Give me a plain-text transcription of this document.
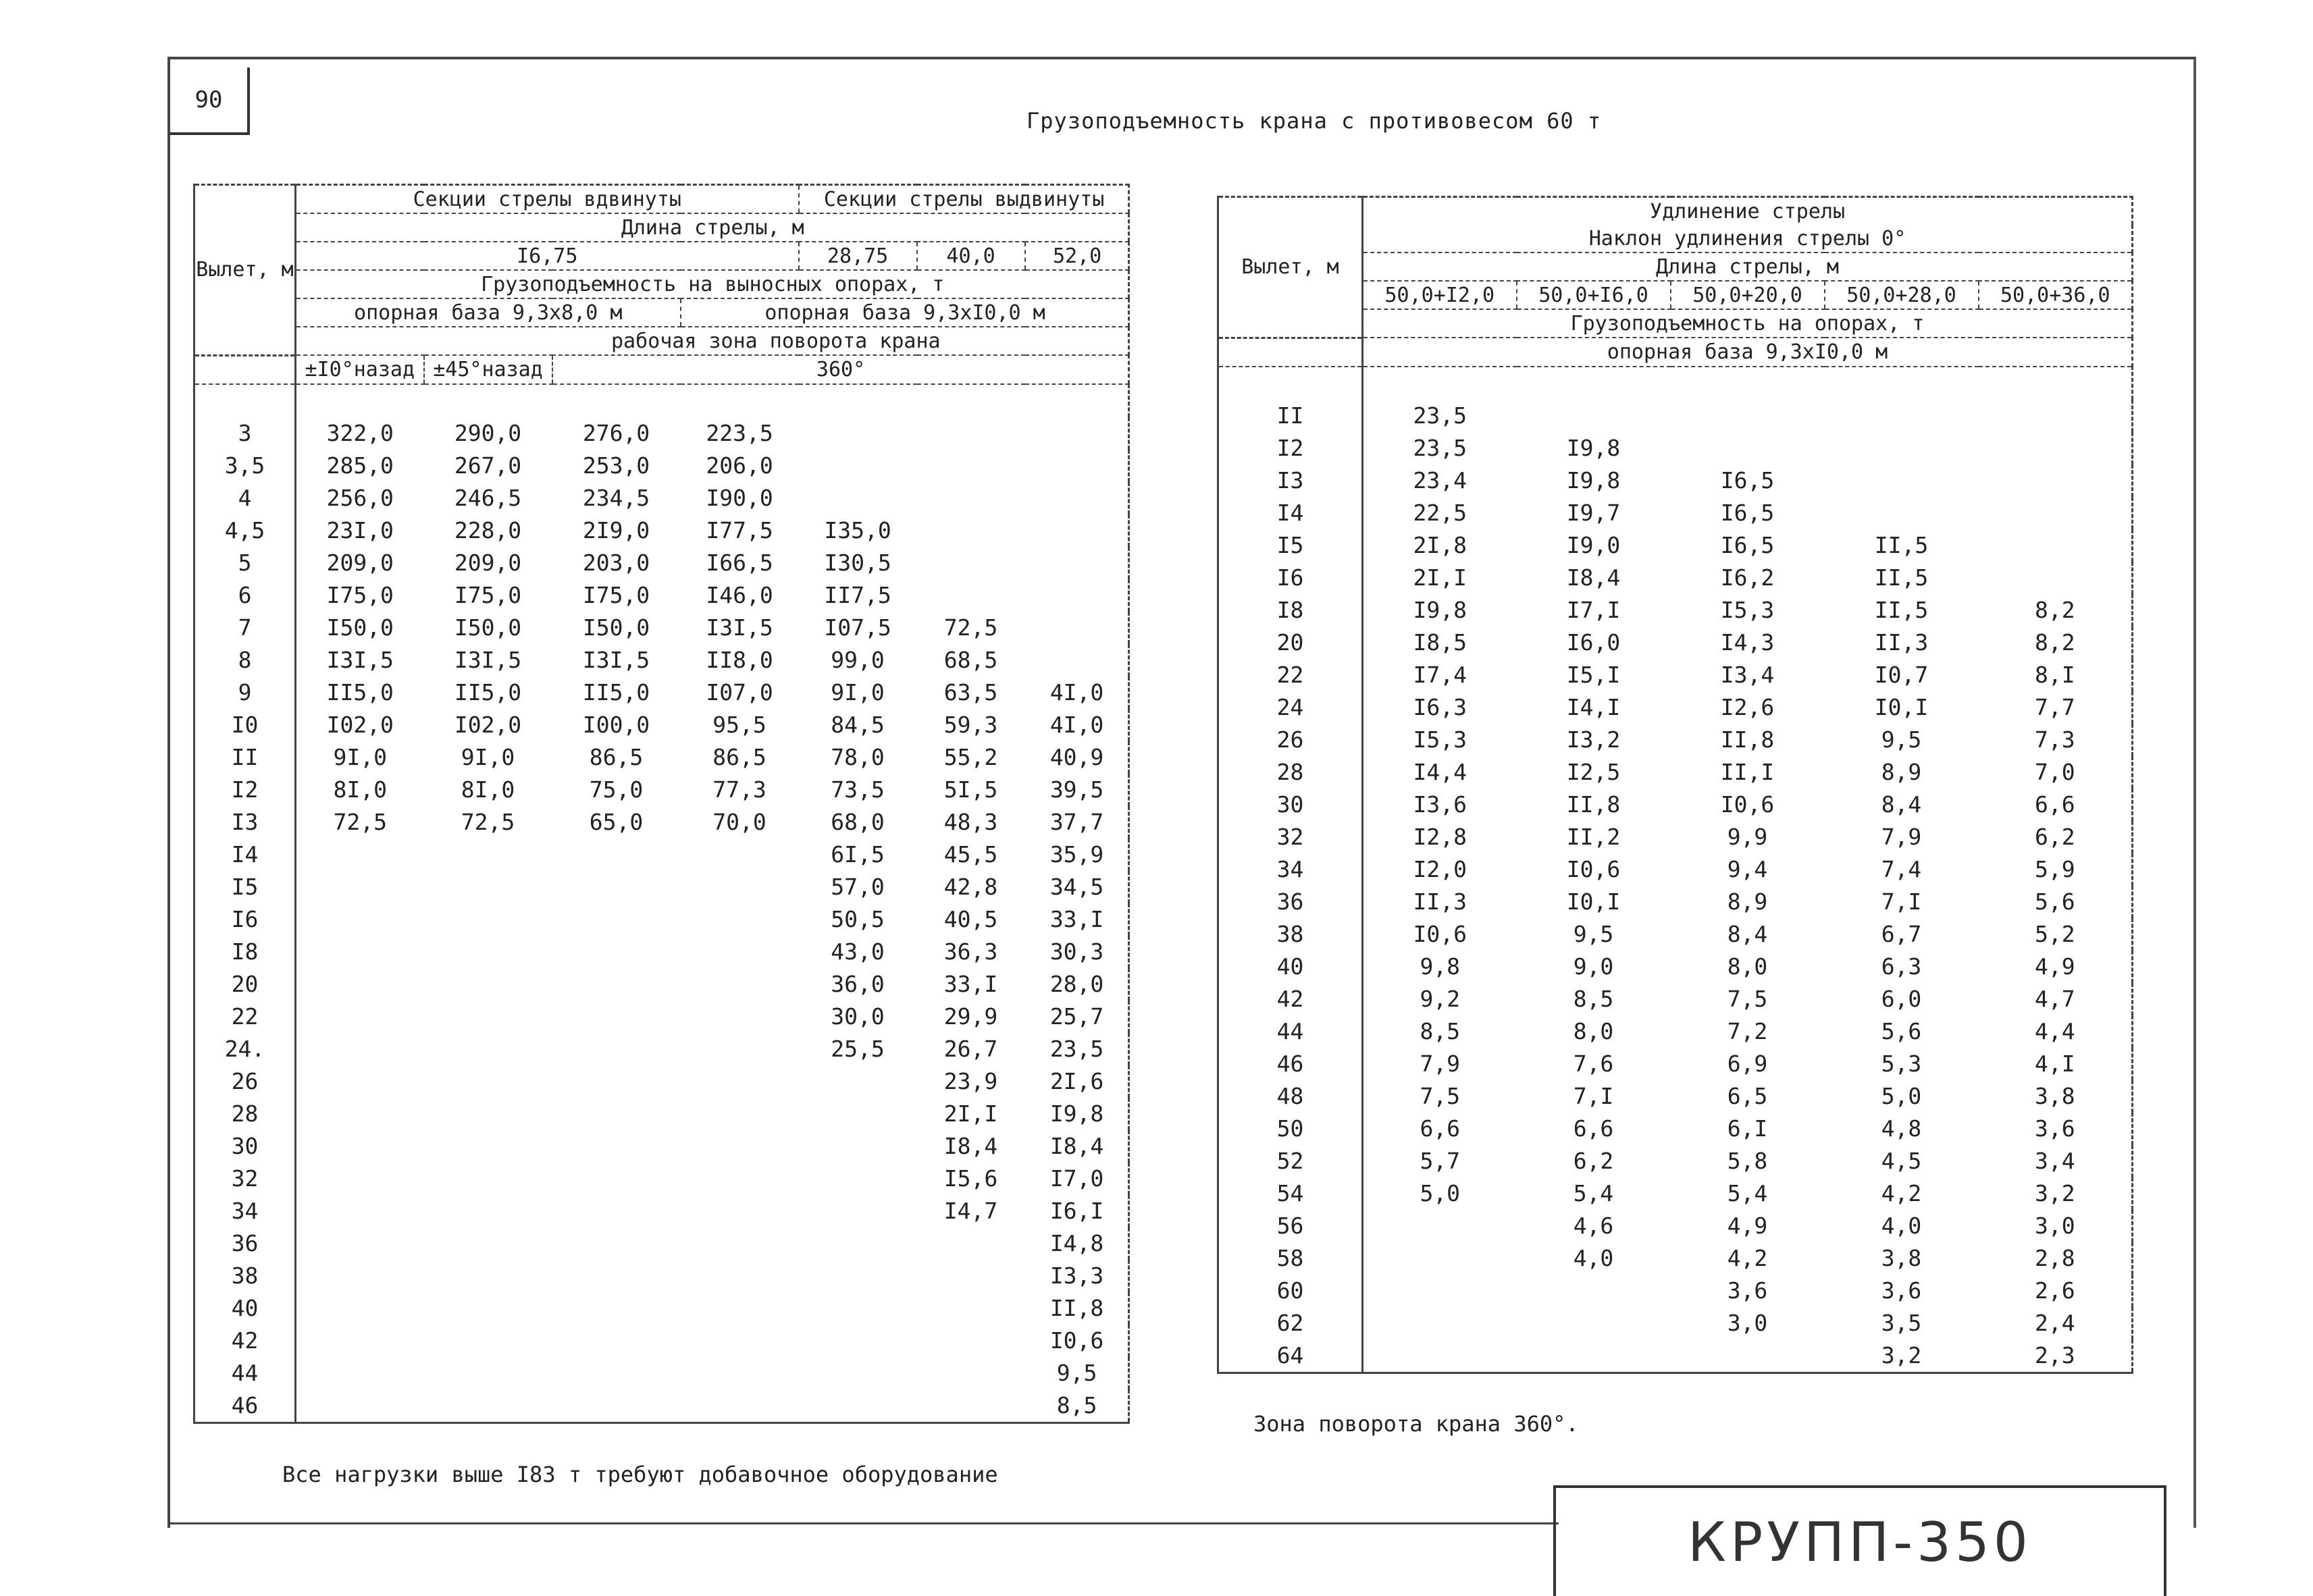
90
Грузоподъемность крана с противовесом 60 т
Вылет, м	Секции стрелы вдвинуты				Секции стрелы выдвинуты		
	Длина стрелы, м						
	I6,75				28,75	40,0	52,0
	Грузоподъемность на выносных опорах, т						
	опорная база 9,3х8,0 м			опорная база 9,3хI0,0 м			
		рабочая зона поворота крана					
	±I0°назад	±45°назад	360°				

3	322,0	290,0	276,0	223,5			
3,5	285,0	267,0	253,0	206,0			
4	256,0	246,5	234,5	I90,0			
4,5	23I,0	228,0	2I9,0	I77,5	I35,0		
5	209,0	209,0	203,0	I66,5	I30,5		
6	I75,0	I75,0	I75,0	I46,0	II7,5		
7	I50,0	I50,0	I50,0	I3I,5	I07,5	72,5	
8	I3I,5	I3I,5	I3I,5	II8,0	99,0	68,5	
9	II5,0	II5,0	II5,0	I07,0	9I,0	63,5	4I,0
I0	I02,0	I02,0	I00,0	95,5	84,5	59,3	4I,0
II	9I,0	9I,0	86,5	86,5	78,0	55,2	40,9
I2	8I,0	8I,0	75,0	77,3	73,5	5I,5	39,5
I3	72,5	72,5	65,0	70,0	68,0	48,3	37,7
I4					6I,5	45,5	35,9
I5					57,0	42,8	34,5
I6					50,5	40,5	33,I
I8					43,0	36,3	30,3
20					36,0	33,I	28,0
22					30,0	29,9	25,7
24.					25,5	26,7	23,5
26						23,9	2I,6
28						2I,I	I9,8
30						I8,4	I8,4
32						I5,6	I7,0
34						I4,7	I6,I
36							I4,8
38							I3,3
40							II,8
42							I0,6
44							9,5
46							8,5
Вылет, м	Удлинение стрелы				
	Наклон удлинения стрелы 0°				
	Длина стрелы, м				
	50,0+I2,0	50,0+I6,0	50,0+20,0	50,0+28,0	50,0+36,0
	Грузоподъемность на опорах, т				
	опорная база 9,3хI0,0 м				

II	23,5				
I2	23,5	I9,8			
I3	23,4	I9,8	I6,5		
I4	22,5	I9,7	I6,5		
I5	2I,8	I9,0	I6,5	II,5	
I6	2I,I	I8,4	I6,2	II,5	
I8	I9,8	I7,I	I5,3	II,5	8,2
20	I8,5	I6,0	I4,3	II,3	8,2
22	I7,4	I5,I	I3,4	I0,7	8,I
24	I6,3	I4,I	I2,6	I0,I	7,7
26	I5,3	I3,2	II,8	9,5	7,3
28	I4,4	I2,5	II,I	8,9	7,0
30	I3,6	II,8	I0,6	8,4	6,6
32	I2,8	II,2	9,9	7,9	6,2
34	I2,0	I0,6	9,4	7,4	5,9
36	II,3	I0,I	8,9	7,I	5,6
38	I0,6	9,5	8,4	6,7	5,2
40	9,8	9,0	8,0	6,3	4,9
42	9,2	8,5	7,5	6,0	4,7
44	8,5	8,0	7,2	5,6	4,4
46	7,9	7,6	6,9	5,3	4,I
48	7,5	7,I	6,5	5,0	3,8
50	6,6	6,6	6,I	4,8	3,6
52	5,7	6,2	5,8	4,5	3,4
54	5,0	5,4	5,4	4,2	3,2
56		4,6	4,9	4,0	3,0
58		4,0	4,2	3,8	2,8
60			3,6	3,6	2,6
62			3,0	3,5	2,4
64				3,2	2,3
Все нагрузки выше I83 т требуют добавочное оборудование
Зона поворота крана 360°.
КРУПП-350
